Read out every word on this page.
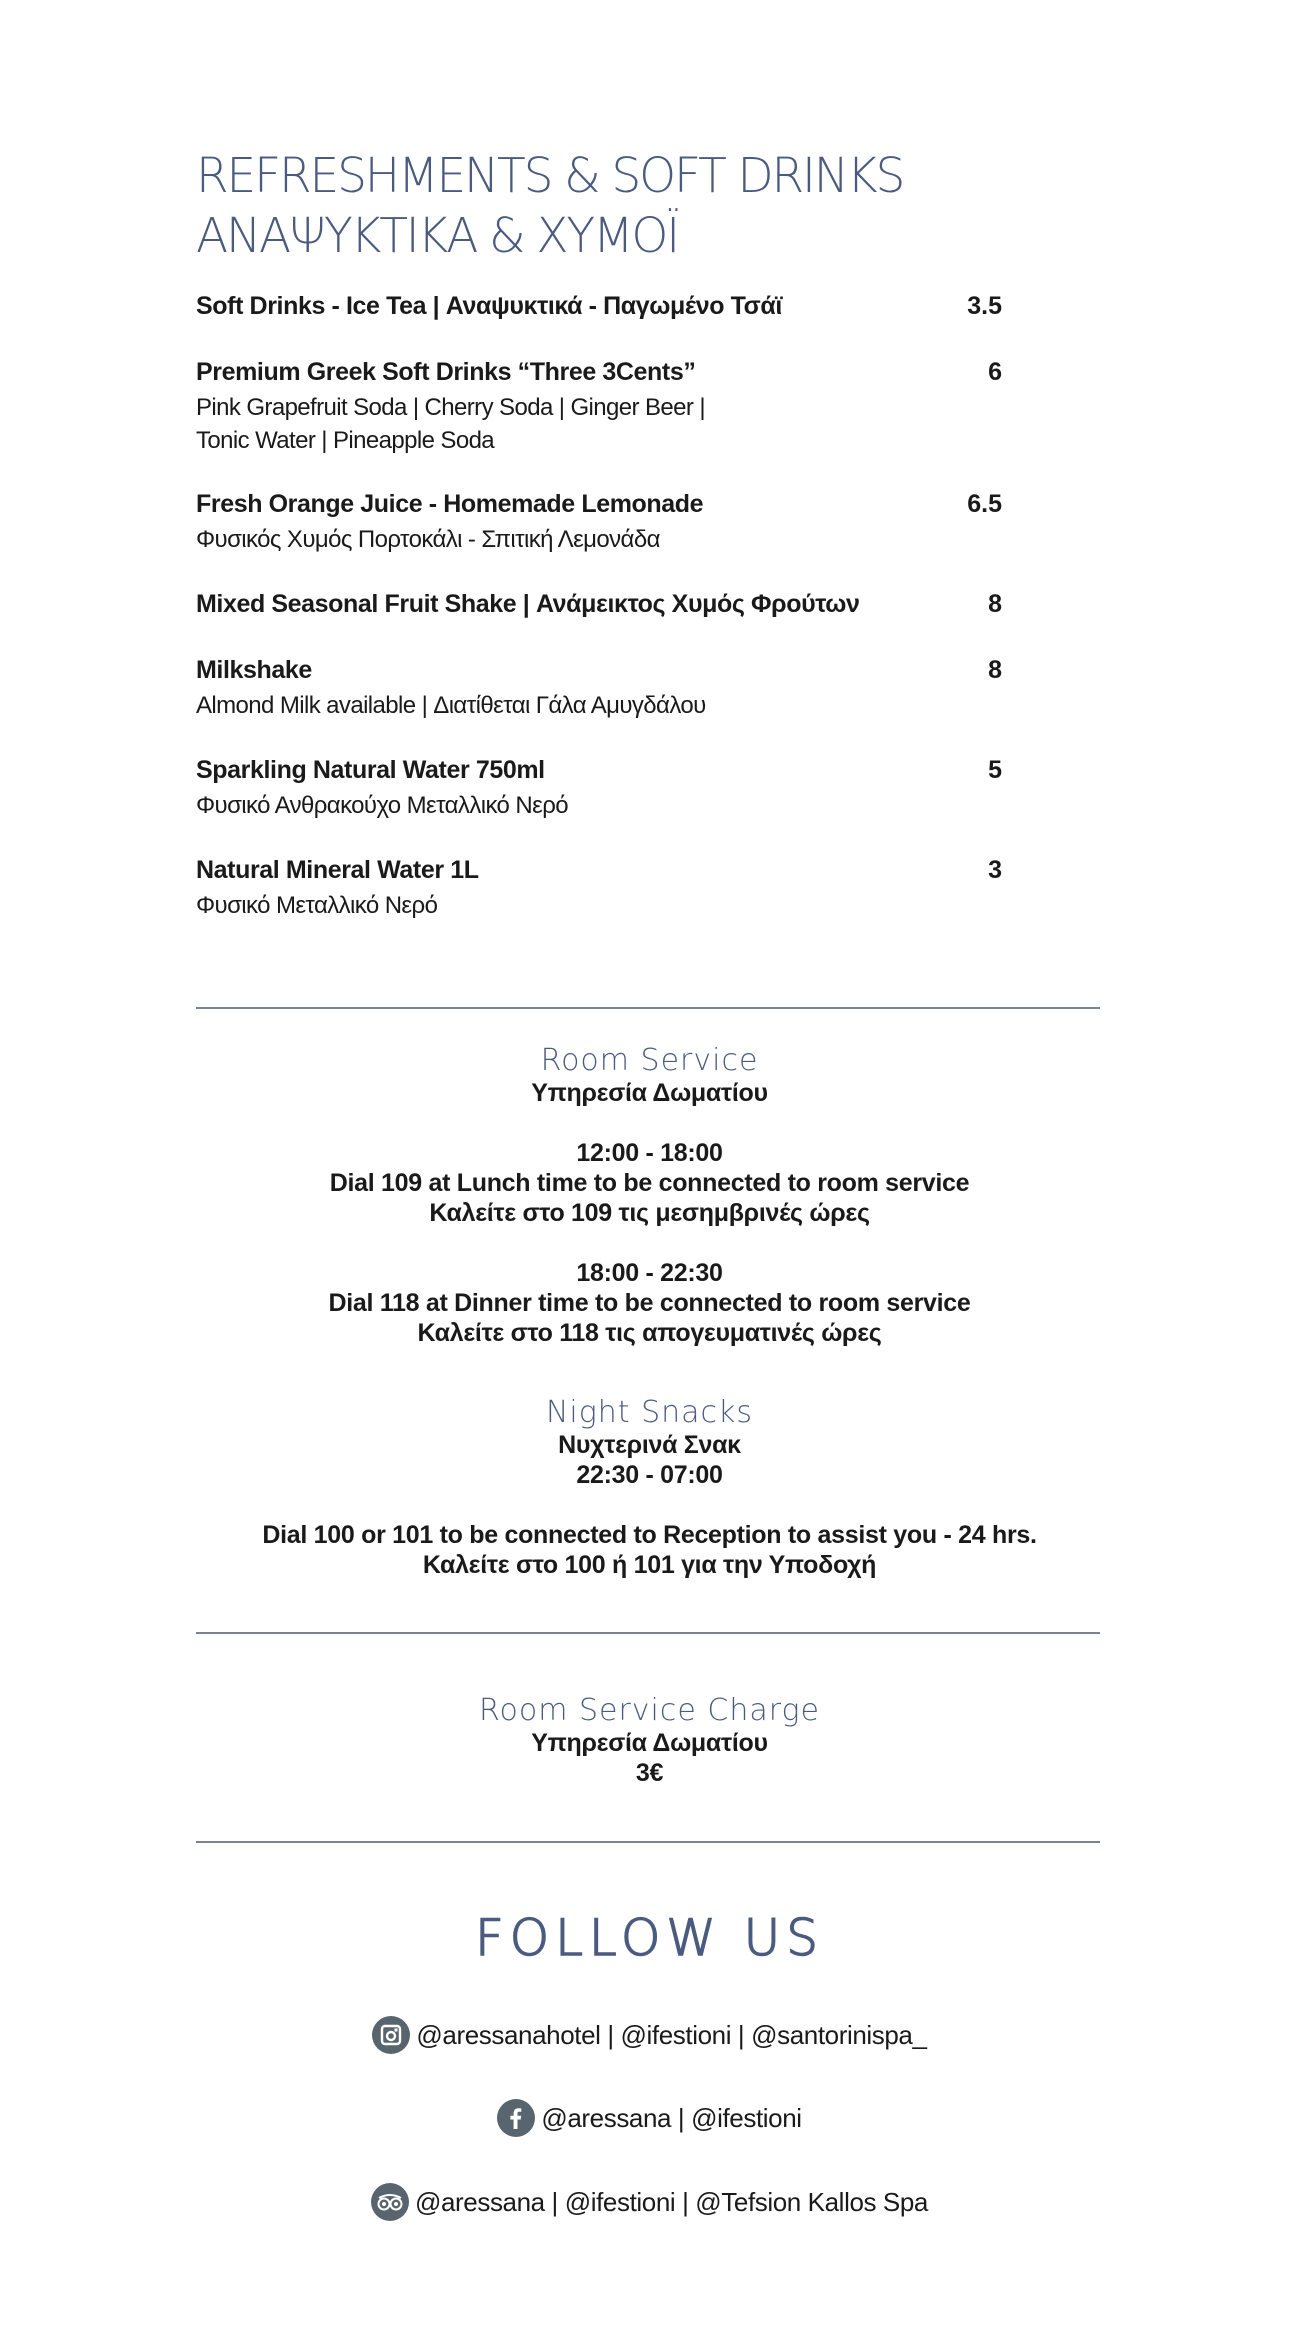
REFRESHMENTS & SOFT DRINKS
ΑΝΑΨΥΚΤΙΚΑ & ΧΥΜΟΪ
Soft Drinks - Ice Tea | Αναψυκτικά - Παγωμένο Τσάϊ	3.5
Premium Greek Soft Drinks “Three 3Cents”	6
Pink Grapefruit Soda | Cherry Soda | Ginger Beer |
Tonic Water | Pineapple Soda
Fresh Orange Juice - Homemade Lemonade	6.5
Φυσικός Χυμός Πορτοκάλι - Σπιτική Λεμονάδα
Mixed Seasonal Fruit Shake | Ανάμεικτος Χυμός Φρούτων	8
Milkshake	8
Almond Milk available | Διατίθεται Γάλα Αμυγδάλου
Sparkling Natural Water 750ml	5
Φυσικό Ανθρακούχο Μεταλλικό Νερό
Natural Mineral Water 1L	3
Φυσικό Μεταλλικό Νερό
Room Service
Υπηρεσία Δωματίου
12:00 - 18:00
Dial 109 at Lunch time to be connected to room service
Καλείτε στο 109 τις μεσημβρινές ώρες
18:00 - 22:30
Dial 118 at Dinner time to be connected to room service
Καλείτε στο 118 τις απογευματινές ώρες
Night Snacks
Νυχτερινά Σνακ
22:30 - 07:00
Dial 100 or 101 to be connected to Reception to assist you - 24 hrs.
Καλείτε στο 100 ή 101 για την Υποδοχή
Room Service Charge
Υπηρεσία Δωματίου
3€
FOLLOW US
@aressanahotel | @ifestioni | @santorinispa_
@aressana | @ifestioni
@aressana | @ifestioni | @Tefsion Kallos Spa
